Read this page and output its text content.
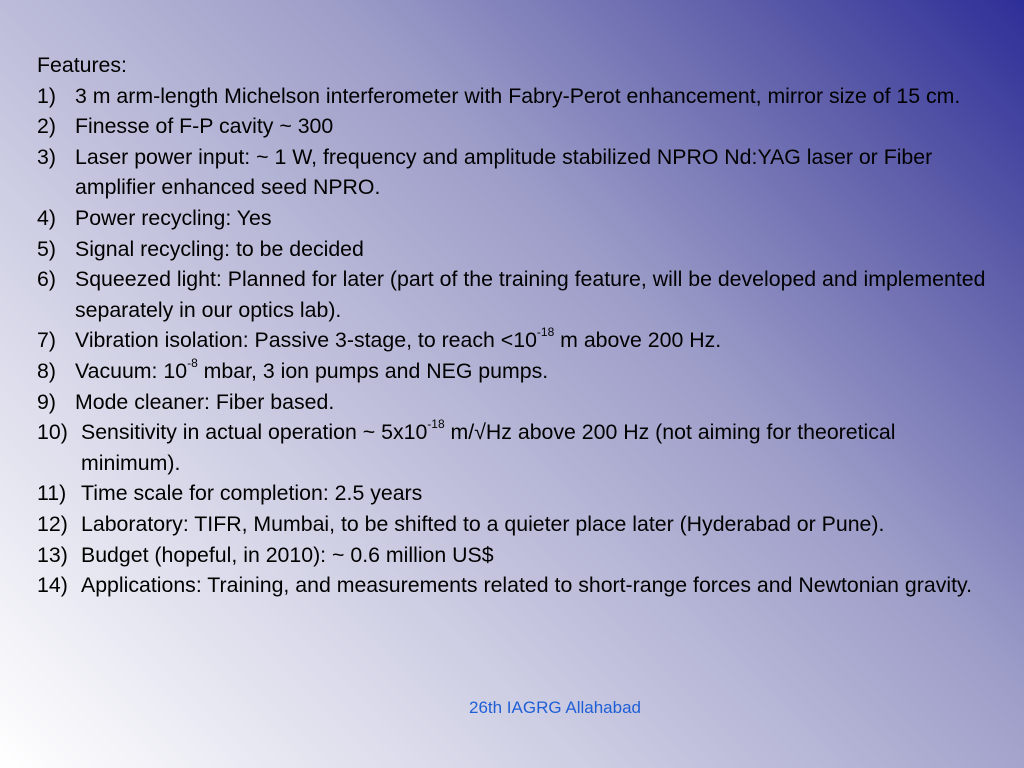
Features:
1) 3 m arm-length Michelson interferometer with Fabry-Perot enhancement, mirror size of 15 cm.
2) Finesse of F-P cavity ~ 300
3) Laser power input: ~ 1 W, frequency and amplitude stabilized NPRO Nd:YAG laser or Fiber amplifier enhanced seed NPRO.
4) Power recycling: Yes
5) Signal recycling: to be decided
6) Squeezed light: Planned for later (part of the training feature, will be developed and implemented separately in our optics lab).
7) Vibration isolation: Passive 3-stage, to reach $<10^{-18}$ m above 200 Hz.
8) Vacuum: $10^{-8}$ mbar, 3 ion pumps and NEG pumps.
9) Mode cleaner: Fiber based.
10) Sensitivity in actual operation ~ $5x10^{-18}$ m/√Hz above 200 Hz (not aiming for theoretical minimum).
11) Time scale for completion: 2.5 years
12) Laboratory: TIFR, Mumbai, to be shifted to a quieter place later (Hyderabad or Pune).
13) Budget (hopeful, in 2010): ~ 0.6 million US$
14) Applications: Training, and measurements related to short-range forces and Newtonian gravity.
26th IAGRG Allahabad
